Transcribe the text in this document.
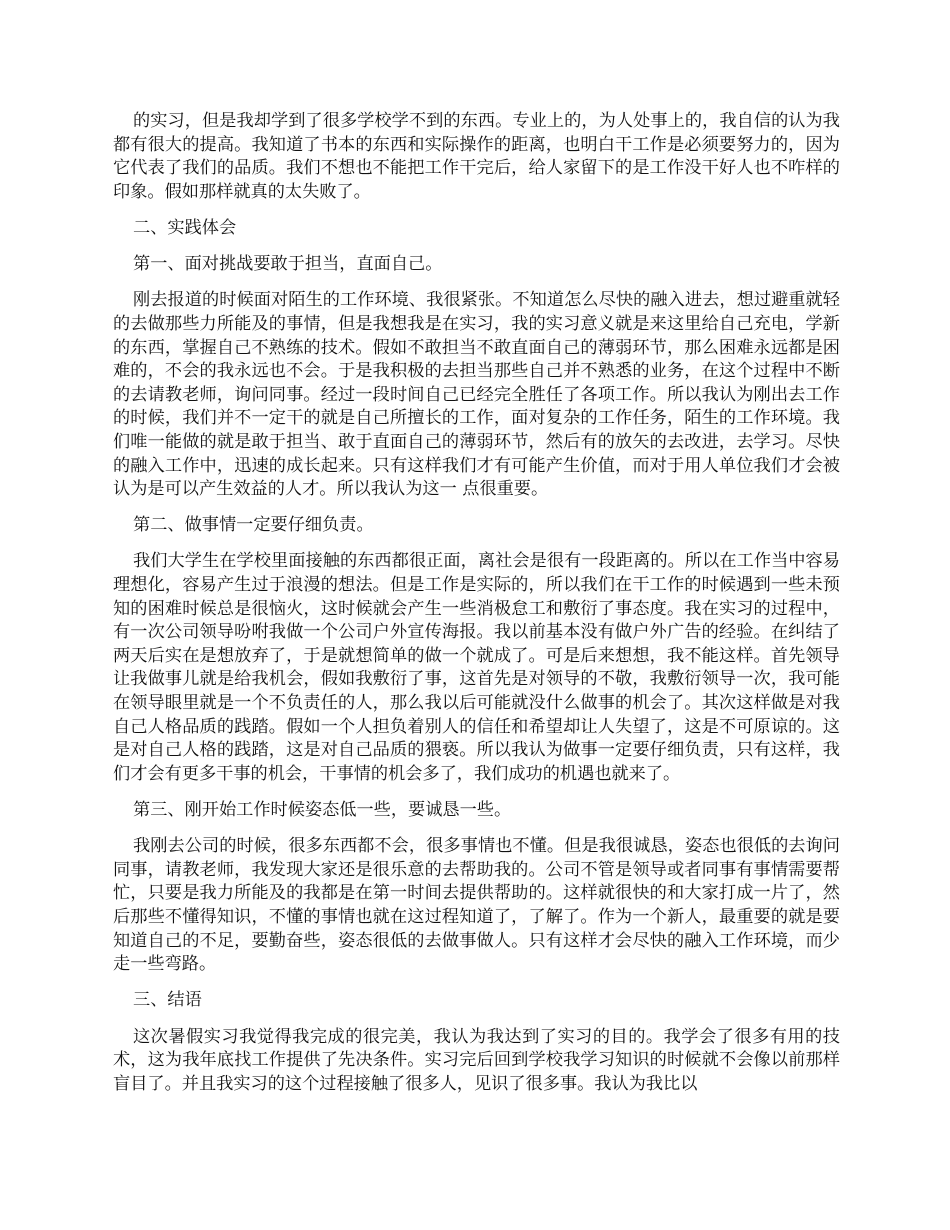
的实习，但是我却学到了很多学校学不到的东西。专业上的，为人处事上的，我自信的认为我都有很大的提高。我知道了书本的东西和实际操作的距离，也明白干工作是必须要努力的，因为它代表了我们的品质。我们不想也不能把工作干完后，给人家留下的是工作没干好人也不咋样的印象。假如那样就真的太失败了。

二、实践体会

第一、面对挑战要敢于担当，直面自己。

刚去报道的时候面对陌生的工作环境、我很紧张。不知道怎么尽快的融入进去，想过避重就轻的去做那些力所能及的事情，但是我想我是在实习，我的实习意义就是来这里给自己充电，学新的东西，掌握自己不熟练的技术。假如不敢担当不敢直面自己的薄弱环节，那么困难永远都是困难的，不会的我永远也不会。于是我积极的去担当那些自己并不熟悉的业务，在这个过程中不断的去请教老师，询问同事。经过一段时间自己已经完全胜任了各项工作。所以我认为刚出去工作的时候，我们并不一定干的就是自己所擅长的工作，面对复杂的工作任务，陌生的工作环境。我们唯一能做的就是敢于担当、敢于直面自己的薄弱环节，然后有的放矢的去改进，去学习。尽快的融入工作中，迅速的成长起来。只有这样我们才有可能产生价值，而对于用人单位我们才会被认为是可以产生效益的人才。所以我认为这一 点很重要。

第二、做事情一定要仔细负责。

我们大学生在学校里面接触的东西都很正面，离社会是很有一段距离的。所以在工作当中容易理想化，容易产生过于浪漫的想法。但是工作是实际的，所以我们在干工作的时候遇到一些未预知的困难时候总是很恼火，这时候就会产生一些消极怠工和敷衍了事态度。我在实习的过程中，有一次公司领导吩咐我做一个公司户外宣传海报。我以前基本没有做户外广告的经验。在纠结了两天后实在是想放弃了，于是就想简单的做一个就成了。可是后来想想，我不能这样。首先领导让我做事儿就是给我机会，假如我敷衍了事，这首先是对领导的不敬，我敷衍领导一次，我可能在领导眼里就是一个不负责任的人，那么我以后可能就没什么做事的机会了。其次这样做是对我自己人格品质的践踏。假如一个人担负着别人的信任和希望却让人失望了，这是不可原谅的。这是对自己人格的践踏，这是对自己品质的猥亵。所以我认为做事一定要仔细负责，只有这样，我们才会有更多干事的机会，干事情的机会多了，我们成功的机遇也就来了。

第三、刚开始工作时候姿态低一些，要诚恳一些。

我刚去公司的时候，很多东西都不会，很多事情也不懂。但是我很诚恳，姿态也很低的去询问同事，请教老师，我发现大家还是很乐意的去帮助我的。公司不管是领导或者同事有事情需要帮忙，只要是我力所能及的我都是在第一时间去提供帮助的。这样就很快的和大家打成一片了，然后那些不懂得知识，不懂的事情也就在这过程知道了，了解了。作为一个新人，最重要的就是要知道自己的不足，要勤奋些，姿态很低的去做事做人。只有这样才会尽快的融入工作环境，而少走一些弯路。

三、结语

这次暑假实习我觉得我完成的很完美，我认为我达到了实习的目的。我学会了很多有用的技术，这为我年底找工作提供了先决条件。实习完后回到学校我学习知识的时候就不会像以前那样盲目了。并且我实习的这个过程接触了很多人，见识了很多事。我认为我比以
